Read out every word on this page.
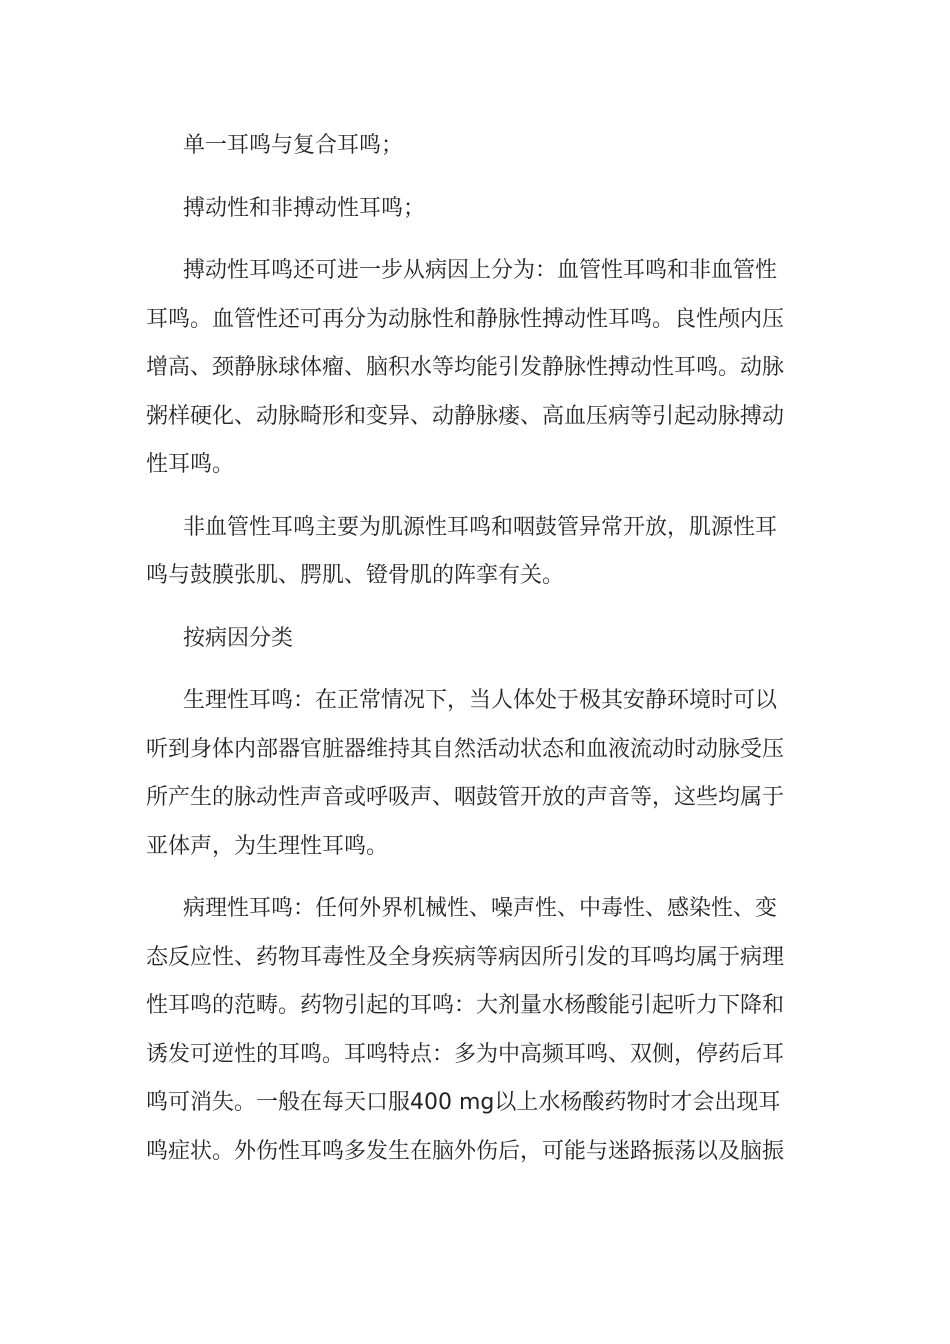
单一耳鸣与复合耳鸣；

搏动性和非搏动性耳鸣；

搏动性耳鸣还可进一步从病因上分为：血管性耳鸣和非血管性耳鸣。血管性还可再分为动脉性和静脉性搏动性耳鸣。良性颅内压增高、颈静脉球体瘤、脑积水等均能引发静脉性搏动性耳鸣。动脉粥样硬化、动脉畸形和变异、动静脉瘘、高血压病等引起动脉搏动性耳鸣。

非血管性耳鸣主要为肌源性耳鸣和咽鼓管异常开放，肌源性耳鸣与鼓膜张肌、腭肌、镫骨肌的阵挛有关。

按病因分类

生理性耳鸣：在正常情况下，当人体处于极其安静环境时可以听到身体内部器官脏器维持其自然活动状态和血液流动时动脉受压所产生的脉动性声音或呼吸声、咽鼓管开放的声音等，这些均属于亚体声，为生理性耳鸣。

病理性耳鸣：任何外界机械性、噪声性、中毒性、感染性、变态反应性、药物耳毒性及全身疾病等病因所引发的耳鸣均属于病理性耳鸣的范畴。药物引起的耳鸣：大剂量水杨酸能引起听力下降和诱发可逆性的耳鸣。耳鸣特点：多为中高频耳鸣、双侧，停药后耳鸣可消失。一般在每天口服400 mg以上水杨酸药物时才会出现耳鸣症状。外伤性耳鸣多发生在脑外伤后，可能与迷路振荡以及脑振
